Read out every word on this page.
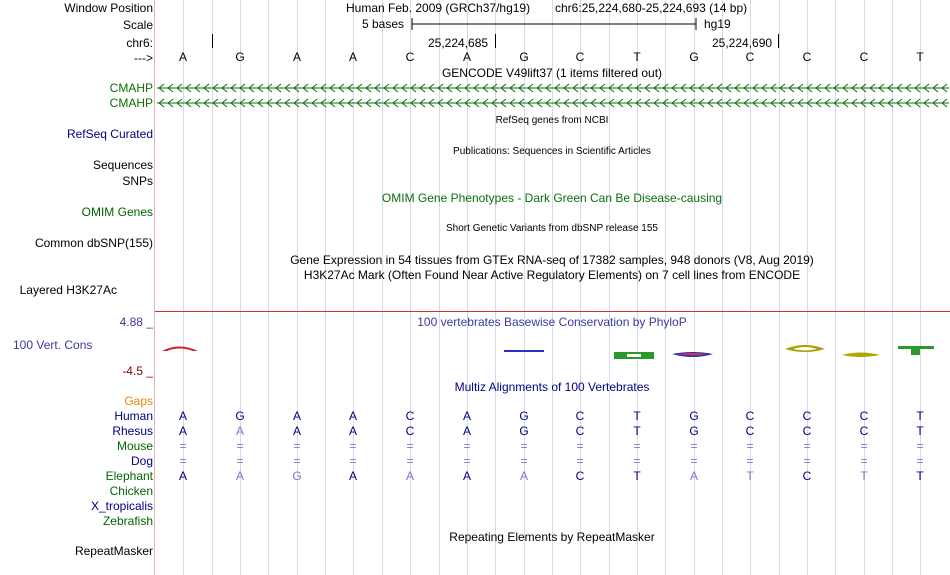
Window Position	Human Feb. 2009 (GRCh37/hg19) chr6:25,224,680-25,224,693 (14 bp)
Scale	5 bases	hg19
chr6:	25,224,685	25,224,690
---> A	G	A	A	C	A	G	C	T	G	C	C	C	T
GENCODE V49lift37 (1 items filtered out)
CMAHP
CMAHP
RefSeq Curated
RefSeq genes from NCBI
Sequences
SNPs
Publications: Sequences in Scientific Articles
OMIM Gene Phenotypes - Dark Green Can Be Disease-causing
OMIM Genes
Short Genetic Variants from dbSNP release 155
Common dbSNP(155)
Gene Expression in 54 tissues from GTEx RNA-seq of 17382 samples, 948 donors (V8, Aug 2019)
H3K27Ac Mark (Often Found Near Active Regulatory Elements) on 7 cell lines from ENCODE
Layered H3K27Ac
4.88 _
100 Vert. Cons
-4.5 _
100 vertebrates Basewise Conservation by PhyloP
Multiz Alignments of 100 Vertebrates
Gaps
Human A	G	A	A	C	A	G	C	T	G	C	C	C	T
Rhesus A	A	A	A	C	A	G	C	T	G	C	C	C	T
Mouse =	=	=	=	=	=	=	=	=	=	=	=	=	=
Dog =	=	=	=	=	=	=	=	=	=	=	=	=	=
Elephant A	A	G	A	A	A	A	C	T	A	T	C	T	T
Chicken
X_tropicalis
Zebrafish
Repeating Elements by RepeatMasker
RepeatMasker
